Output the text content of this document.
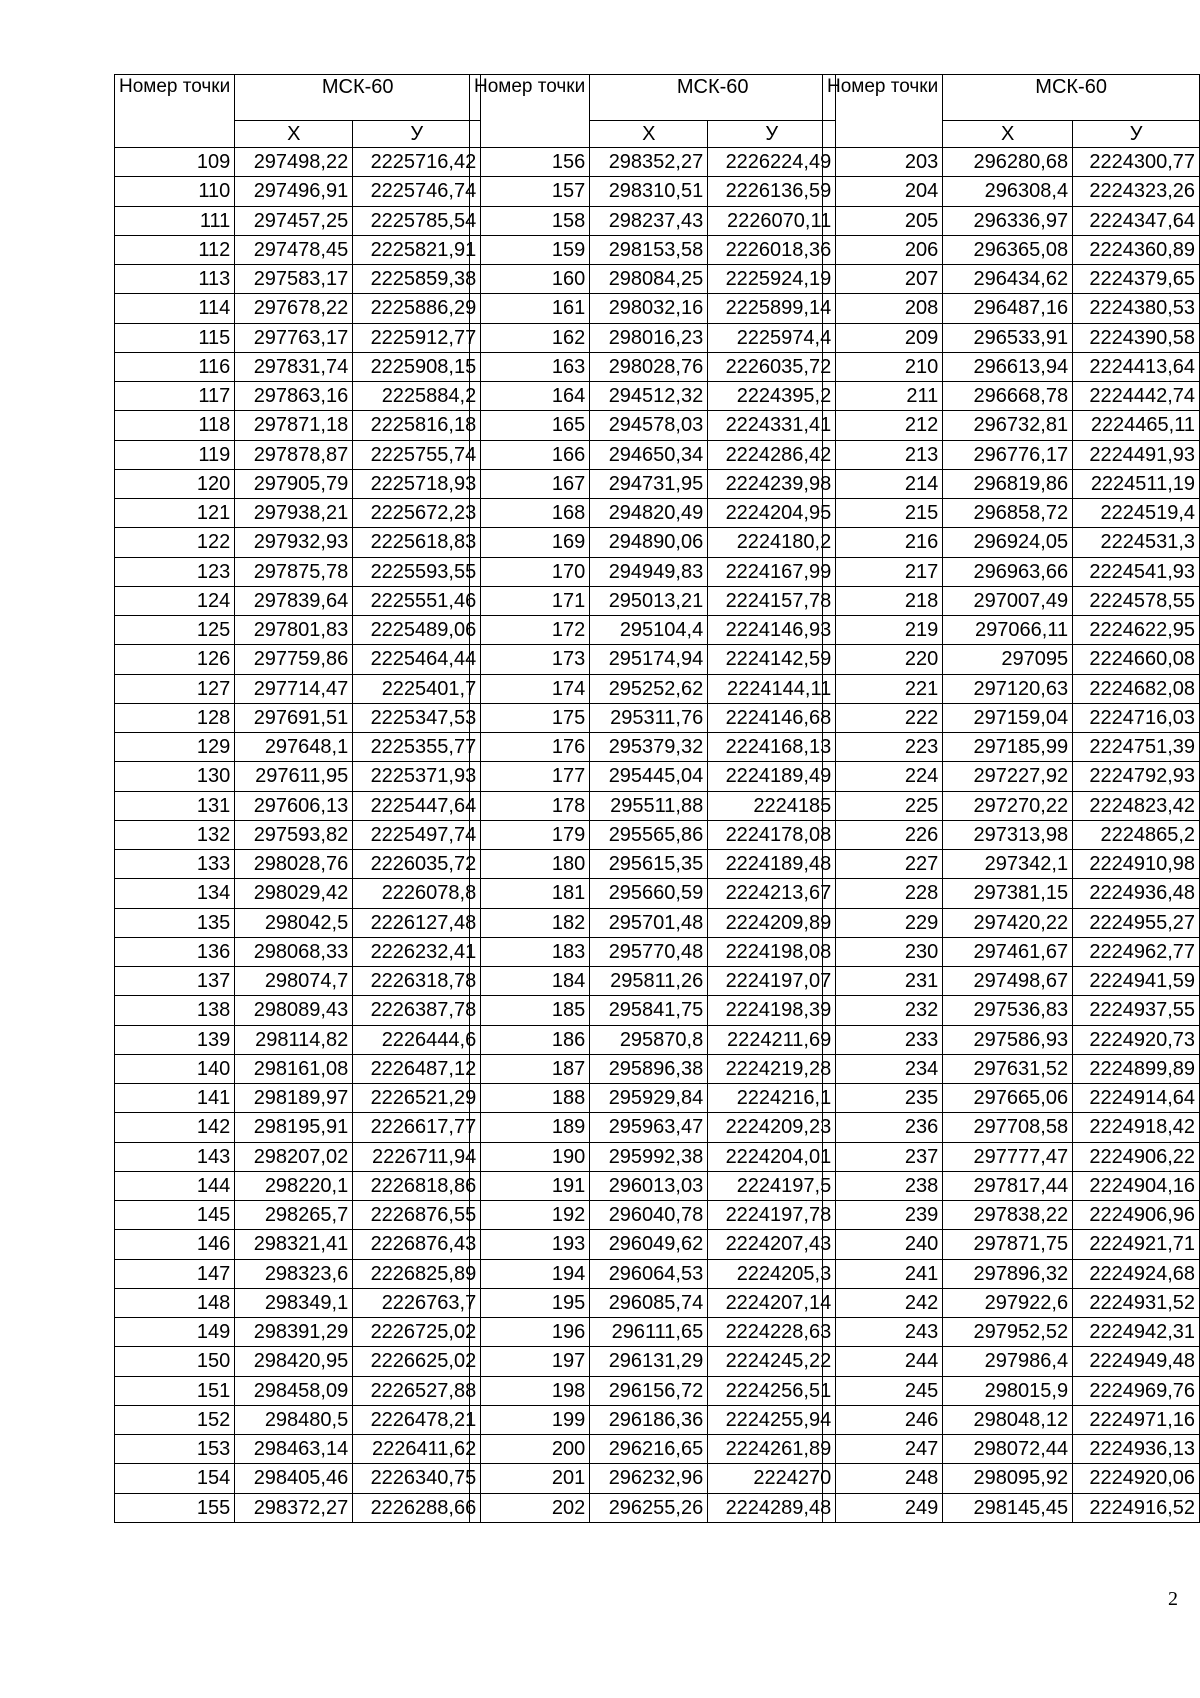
Номер точки	МСК-60	
	Х	У
109	297498,22	2225716,42
110	297496,91	2225746,74
111	297457,25	2225785,54
112	297478,45	2225821,91
113	297583,17	2225859,38
114	297678,22	2225886,29
115	297763,17	2225912,77
116	297831,74	2225908,15
117	297863,16	2225884,2
118	297871,18	2225816,18
119	297878,87	2225755,74
120	297905,79	2225718,93
121	297938,21	2225672,23
122	297932,93	2225618,83
123	297875,78	2225593,55
124	297839,64	2225551,46
125	297801,83	2225489,06
126	297759,86	2225464,44
127	297714,47	2225401,7
128	297691,51	2225347,53
129	297648,1	2225355,77
130	297611,95	2225371,93
131	297606,13	2225447,64
132	297593,82	2225497,74
133	298028,76	2226035,72
134	298029,42	2226078,8
135	298042,5	2226127,48
136	298068,33	2226232,41
137	298074,7	2226318,78
138	298089,43	2226387,78
139	298114,82	2226444,6
140	298161,08	2226487,12
141	298189,97	2226521,29
142	298195,91	2226617,77
143	298207,02	2226711,94
144	298220,1	2226818,86
145	298265,7	2226876,55
146	298321,41	2226876,43
147	298323,6	2226825,89
148	298349,1	2226763,7
149	298391,29	2226725,02
150	298420,95	2226625,02
151	298458,09	2226527,88
152	298480,5	2226478,21
153	298463,14	2226411,62
154	298405,46	2226340,75
155	298372,27	2226288,66
Номер точки	МСК-60	
	Х	У
156	298352,27	2226224,49
157	298310,51	2226136,59
158	298237,43	2226070,11
159	298153,58	2226018,36
160	298084,25	2225924,19
161	298032,16	2225899,14
162	298016,23	2225974,4
163	298028,76	2226035,72
164	294512,32	2224395,2
165	294578,03	2224331,41
166	294650,34	2224286,42
167	294731,95	2224239,98
168	294820,49	2224204,95
169	294890,06	2224180,2
170	294949,83	2224167,99
171	295013,21	2224157,78
172	295104,4	2224146,93
173	295174,94	2224142,59
174	295252,62	2224144,11
175	295311,76	2224146,68
176	295379,32	2224168,13
177	295445,04	2224189,49
178	295511,88	2224185
179	295565,86	2224178,08
180	295615,35	2224189,48
181	295660,59	2224213,67
182	295701,48	2224209,89
183	295770,48	2224198,08
184	295811,26	2224197,07
185	295841,75	2224198,39
186	295870,8	2224211,69
187	295896,38	2224219,28
188	295929,84	2224216,1
189	295963,47	2224209,23
190	295992,38	2224204,01
191	296013,03	2224197,5
192	296040,78	2224197,78
193	296049,62	2224207,43
194	296064,53	2224205,3
195	296085,74	2224207,14
196	296111,65	2224228,63
197	296131,29	2224245,22
198	296156,72	2224256,51
199	296186,36	2224255,94
200	296216,65	2224261,89
201	296232,96	2224270
202	296255,26	2224289,48
Номер точки	МСК-60	
	Х	У
203	296280,68	2224300,77
204	296308,4	2224323,26
205	296336,97	2224347,64
206	296365,08	2224360,89
207	296434,62	2224379,65
208	296487,16	2224380,53
209	296533,91	2224390,58
210	296613,94	2224413,64
211	296668,78	2224442,74
212	296732,81	2224465,11
213	296776,17	2224491,93
214	296819,86	2224511,19
215	296858,72	2224519,4
216	296924,05	2224531,3
217	296963,66	2224541,93
218	297007,49	2224578,55
219	297066,11	2224622,95
220	297095	2224660,08
221	297120,63	2224682,08
222	297159,04	2224716,03
223	297185,99	2224751,39
224	297227,92	2224792,93
225	297270,22	2224823,42
226	297313,98	2224865,2
227	297342,1	2224910,98
228	297381,15	2224936,48
229	297420,22	2224955,27
230	297461,67	2224962,77
231	297498,67	2224941,59
232	297536,83	2224937,55
233	297586,93	2224920,73
234	297631,52	2224899,89
235	297665,06	2224914,64
236	297708,58	2224918,42
237	297777,47	2224906,22
238	297817,44	2224904,16
239	297838,22	2224906,96
240	297871,75	2224921,71
241	297896,32	2224924,68
242	297922,6	2224931,52
243	297952,52	2224942,31
244	297986,4	2224949,48
245	298015,9	2224969,76
246	298048,12	2224971,16
247	298072,44	2224936,13
248	298095,92	2224920,06
249	298145,45	2224916,52
2
